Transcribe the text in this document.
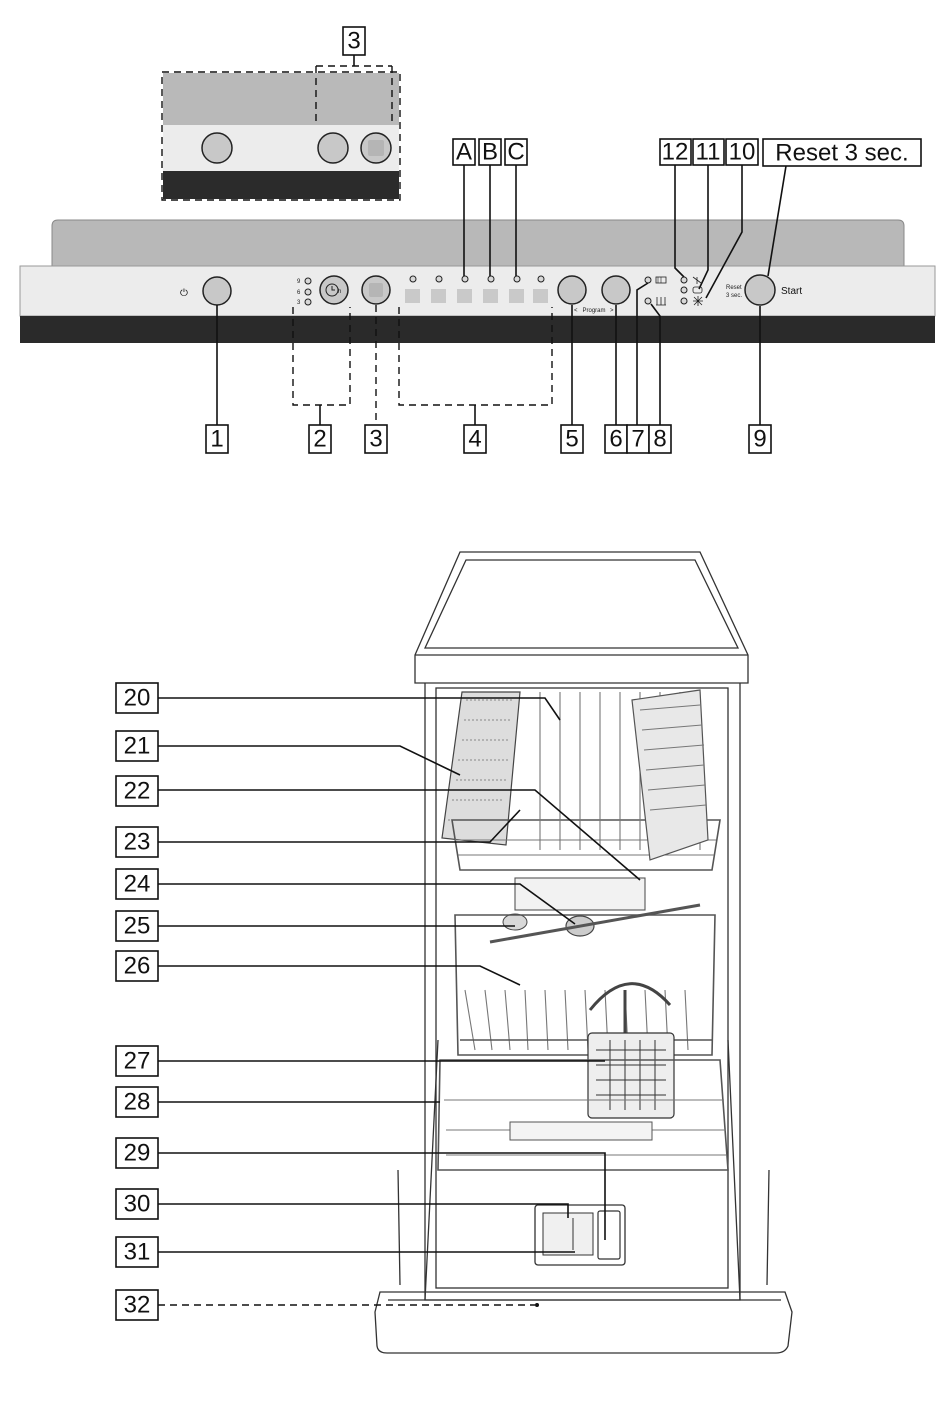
3
⏻
9
6
3
h
< Program >
Reset
3 sec.	Start
A B C	12 11 10 Reset 3 sec.
1	2 3	4	5 6 7 8	9
20
21
22
23
24
25
26
27
28
29
30
31
32
